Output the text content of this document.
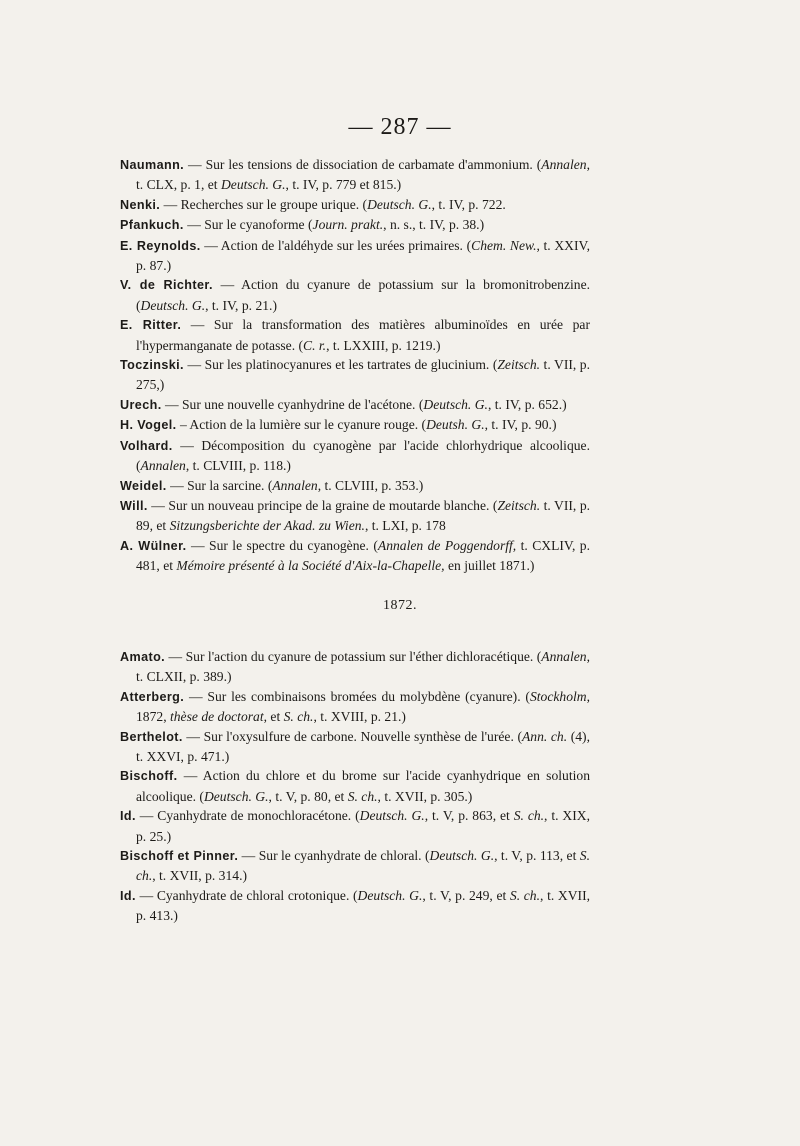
— 287 —

Naumann. — Sur les tensions de dissociation de carbamate d'ammonium. (Annalen, t. CLX, p. 1, et Deutsch. G., t. IV, p. 779 et 815.)

Nenki. — Recherches sur le groupe urique. (Deutsch. G., t. IV, p. 722.

Pfankuch. — Sur le cyanoforme (Journ. prakt., n. s., t. IV, p. 38.)

E. Reynolds. — Action de l'aldéhyde sur les urées primaires. (Chem. New., t. XXIV, p. 87.)

V. de Richter. — Action du cyanure de potassium sur la bromonitrobenzine. (Deutsch. G., t. IV, p. 21.)

E. Ritter. — Sur la transformation des matières albuminoïdes en urée par l'hypermanganate de potasse. (C. r., t. LXXIII, p. 1219.)

Toczinski. — Sur les platinocyanures et les tartrates de glucinium. (Zeitsch. t. VII, p. 275,)

Urech. — Sur une nouvelle cyanhydrine de l'acétone. (Deutsch. G., t. IV, p. 652.)

H. Vogel. – Action de la lumière sur le cyanure rouge. (Deutsh. G., t. IV, p. 90.)

Volhard. — Décomposition du cyanogène par l'acide chlorhydrique alcoolique. (Annalen, t. CLVIII, p. 118.)

Weidel. — Sur la sarcine. (Annalen, t. CLVIII, p. 353.)

Will. — Sur un nouveau principe de la graine de moutarde blanche. (Zeitsch. t. VII, p. 89, et Sitzungsberichte der Akad. zu Wien., t. LXI, p. 178

A. Wülner. — Sur le spectre du cyanogène. (Annalen de Poggendorff, t. CXLIV, p. 481, et Mémoire présenté à la Société d'Aix-la-Chapelle, en juillet 1871.)

1872.

Amato. — Sur l'action du cyanure de potassium sur l'éther dichloracétique. (Annalen, t. CLXII, p. 389.)

Atterberg. — Sur les combinaisons bromées du molybdène (cyanure). (Stockholm, 1872, thèse de doctorat, et S. ch., t. XVIII, p. 21.)

Berthelot. — Sur l'oxysulfure de carbone. Nouvelle synthèse de l'urée. (Ann. ch. (4), t. XXVI, p. 471.)

Bischoff. — Action du chlore et du brome sur l'acide cyanhydrique en solution alcoolique. (Deutsch. G., t. V, p. 80, et S. ch., t. XVII, p. 305.)

Id. — Cyanhydrate de monochloracétone. (Deutsch. G., t. V, p. 863, et S. ch., t. XIX, p. 25.)

Bischoff et Pinner. — Sur le cyanhydrate de chloral. (Deutsch. G., t. V, p. 113, et S. ch., t. XVII, p. 314.)

Id. — Cyanhydrate de chloral crotonique. (Deutsch. G., t. V, p. 249, et S. ch., t. XVII, p. 413.)
